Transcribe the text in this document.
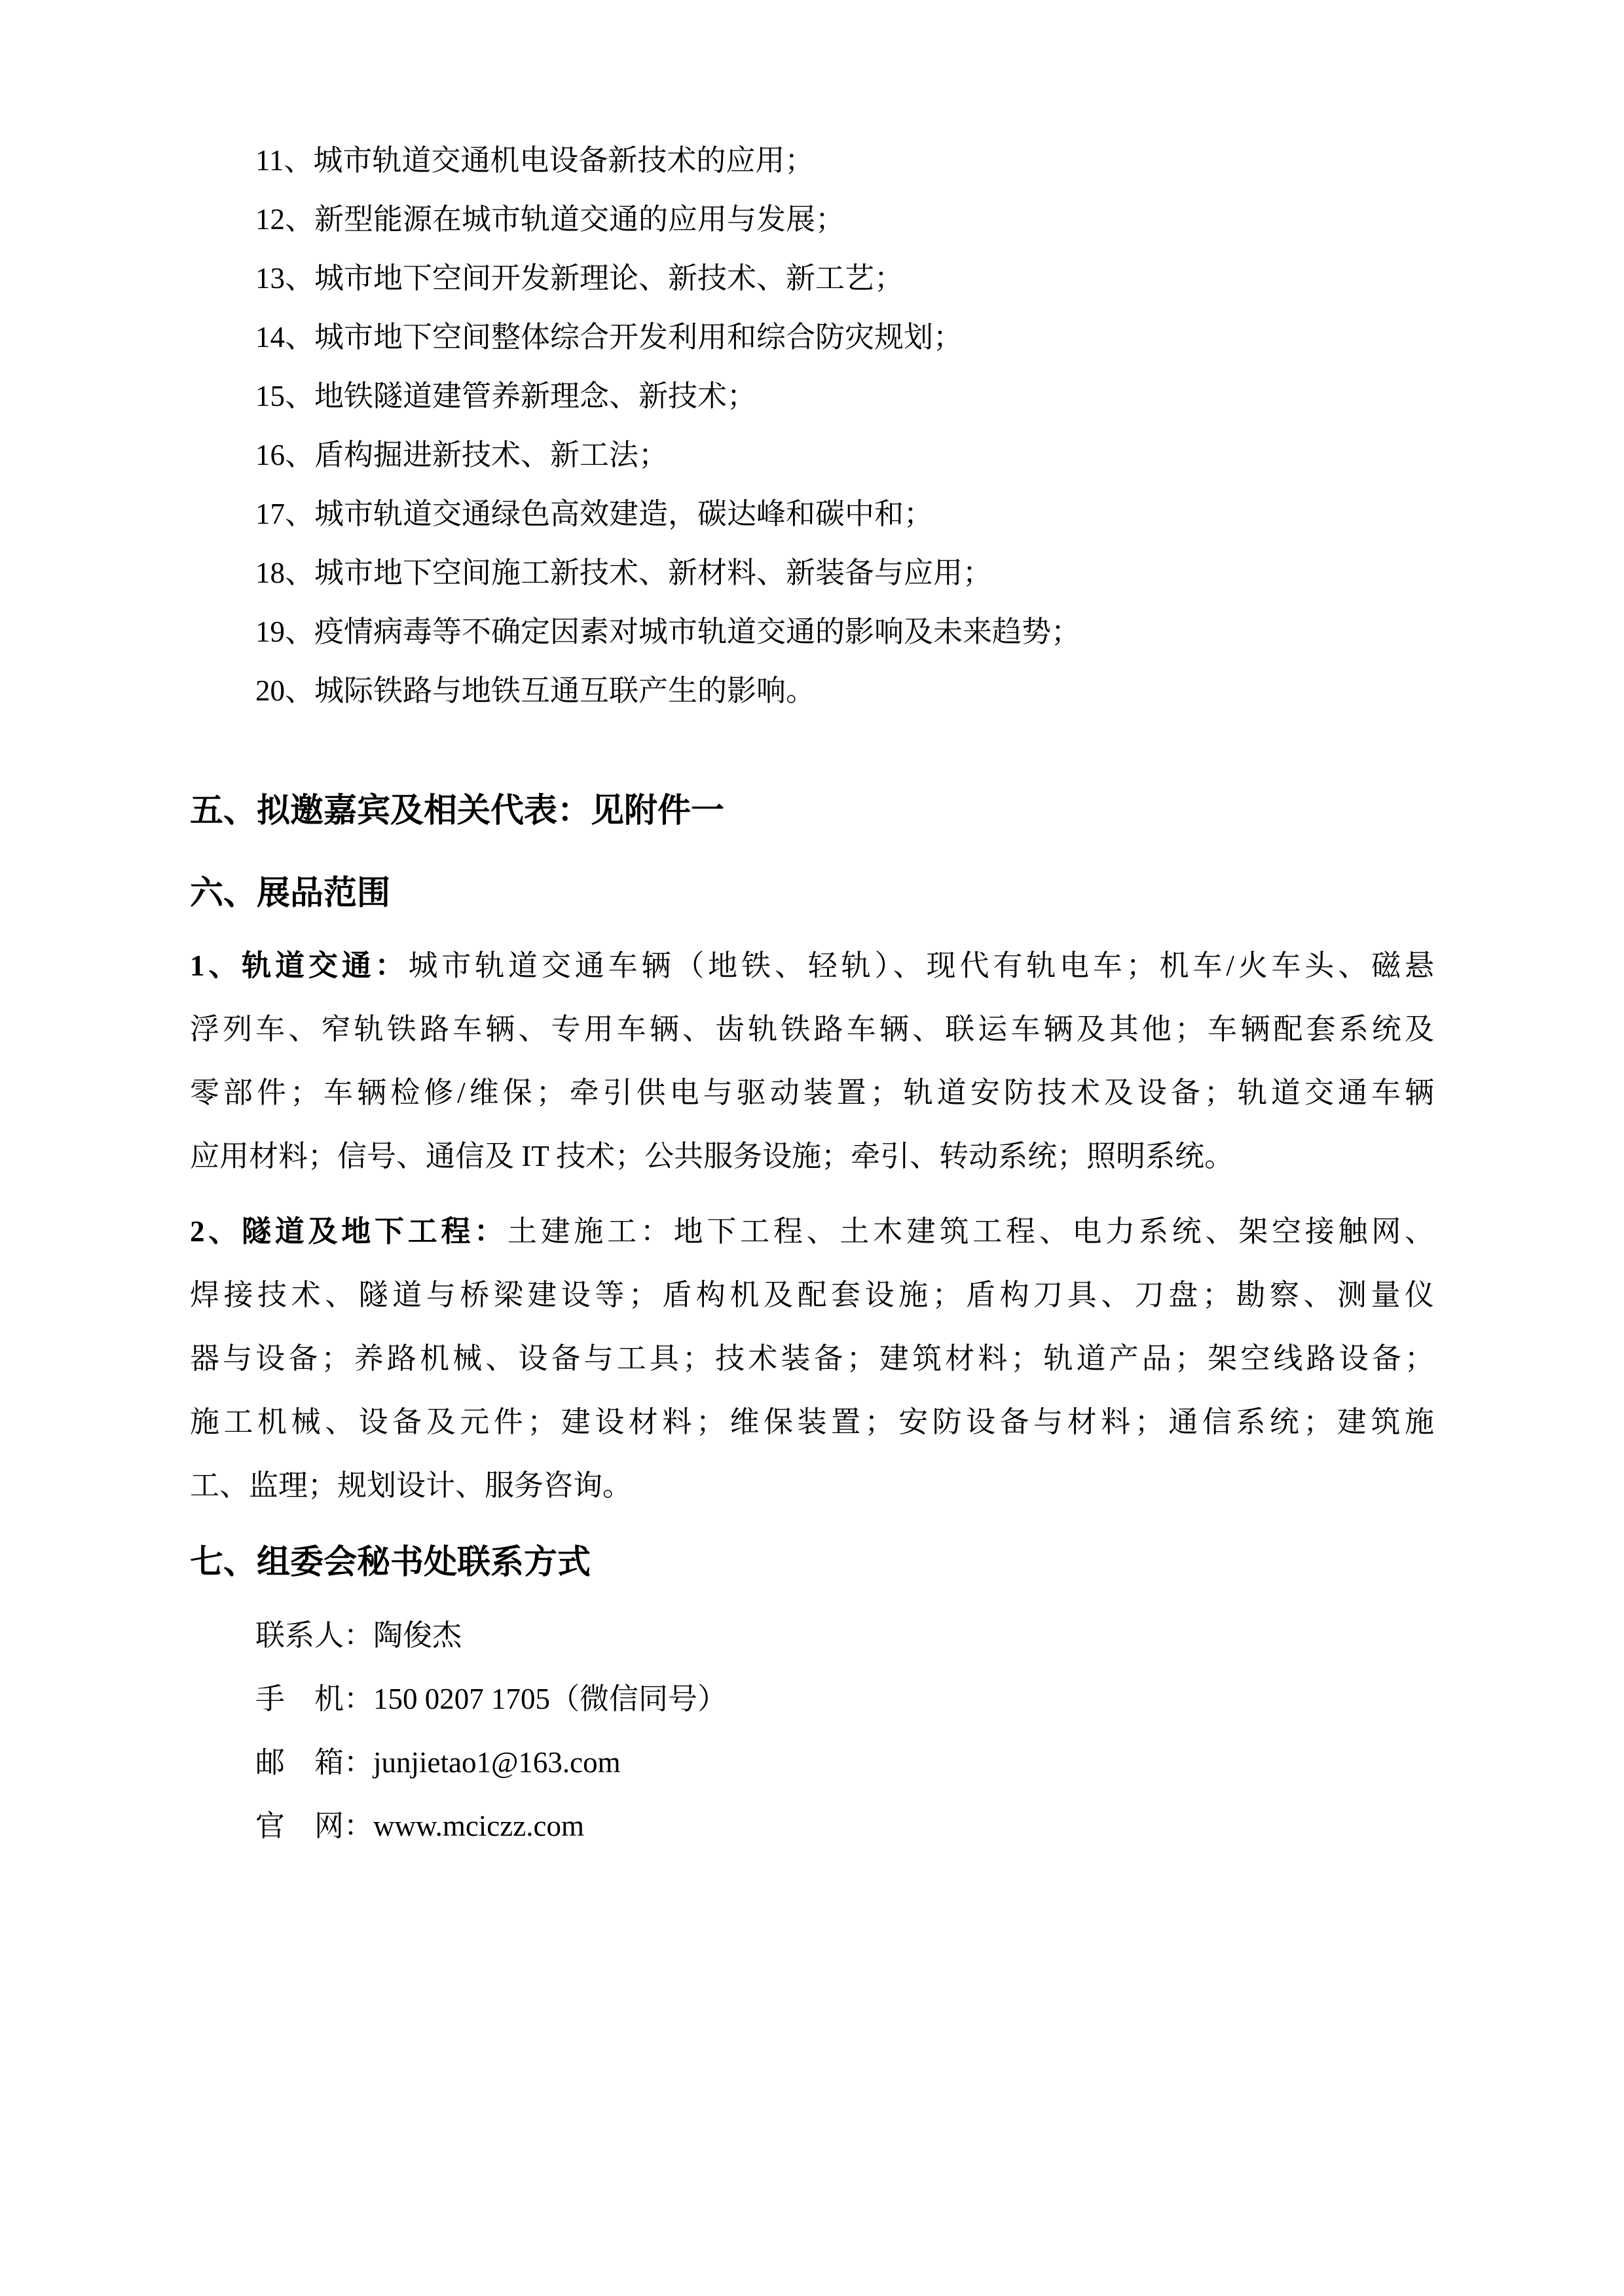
11、城市轨道交通机电设备新技术的应用；
12、新型能源在城市轨道交通的应用与发展；
13、城市地下空间开发新理论、新技术、新工艺；
14、城市地下空间整体综合开发利用和综合防灾规划；
15、地铁隧道建管养新理念、新技术；
16、盾构掘进新技术、新工法；
17、城市轨道交通绿色高效建造，碳达峰和碳中和；
18、城市地下空间施工新技术、新材料、新装备与应用；
19、疫情病毒等不确定因素对城市轨道交通的影响及未来趋势；
20、城际铁路与地铁互通互联产生的影响。
五、拟邀嘉宾及相关代表：见附件一
六、展品范围
1、轨道交通：城市轨道交通车辆（地铁、轻轨）、现代有轨电车；机车/火车头、磁悬
浮列车、窄轨铁路车辆、专用车辆、齿轨铁路车辆、联运车辆及其他；车辆配套系统及
零部件；车辆检修/维保；牵引供电与驱动装置；轨道安防技术及设备；轨道交通车辆
应用材料；信号、通信及 IT 技术；公共服务设施；牵引、转动系统；照明系统。
2、隧道及地下工程：土建施工：地下工程、土木建筑工程、电力系统、架空接触网、
焊接技术、隧道与桥梁建设等；盾构机及配套设施；盾构刀具、刀盘；勘察、测量仪
器与设备；养路机械、设备与工具；技术装备；建筑材料；轨道产品；架空线路设备；
施工机械、设备及元件；建设材料；维保装置；安防设备与材料；通信系统；建筑施
工、监理；规划设计、服务咨询。
七、组委会秘书处联系方式
联系人：陶俊杰
手　机：150 0207 1705（微信同号）
邮　箱：junjietao1@163.com
官　网：www.mciczz.com
